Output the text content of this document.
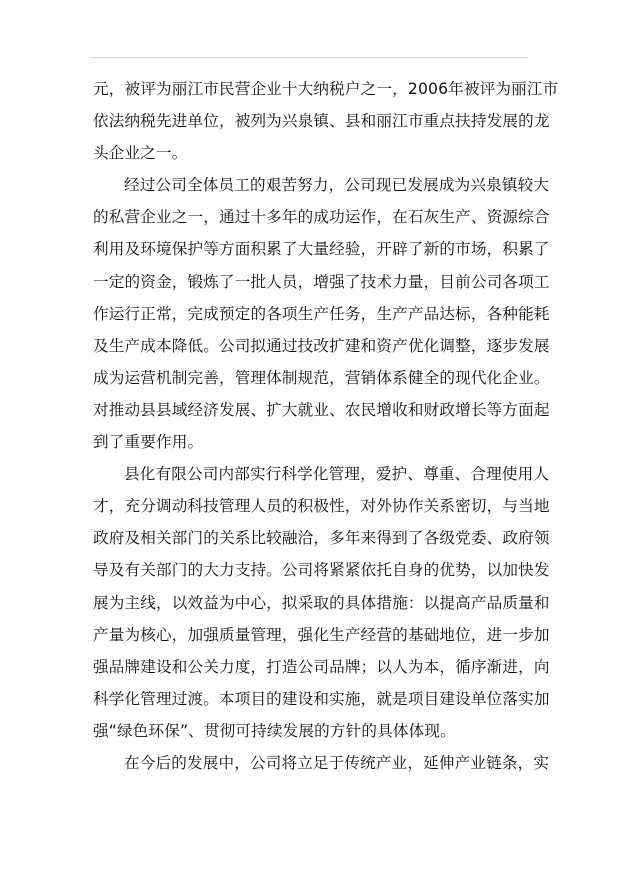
元，被评为丽江市民营企业十大纳税户之一，2006年被评为丽江市
依法纳税先进单位，被列为兴泉镇、县和丽江市重点扶持发展的龙
头企业之一。
经过公司全体员工的艰苦努力，公司现已发展成为兴泉镇较大
的私营企业之一，通过十多年的成功运作，在石灰生产、资源综合
利用及环境保护等方面积累了大量经验，开辟了新的市场，积累了
一定的资金，锻炼了一批人员，增强了技术力量，目前公司各项工
作运行正常，完成预定的各项生产任务，生产产品达标，各种能耗
及生产成本降低。公司拟通过技改扩建和资产优化调整，逐步发展
成为运营机制完善，管理体制规范，营销体系健全的现代化企业。
对推动县县域经济发展、扩大就业、农民增收和财政增长等方面起
到了重要作用。
县化有限公司内部实行科学化管理，爱护、尊重、合理使用人
才，充分调动科技管理人员的积极性，对外协作关系密切，与当地
政府及相关部门的关系比较融洽，多年来得到了各级党委、政府领
导及有关部门的大力支持。公司将紧紧依托自身的优势，以加快发
展为主线，以效益为中心，拟采取的具体措施：以提高产品质量和
产量为核心，加强质量管理，强化生产经营的基础地位，进一步加
强品牌建设和公关力度，打造公司品牌；以人为本，循序渐进，向
科学化管理过渡。本项目的建设和实施，就是项目建设单位落实加
强“绿色环保”、贯彻可持续发展的方针的具体体现。
在今后的发展中，公司将立足于传统产业，延伸产业链条，实
